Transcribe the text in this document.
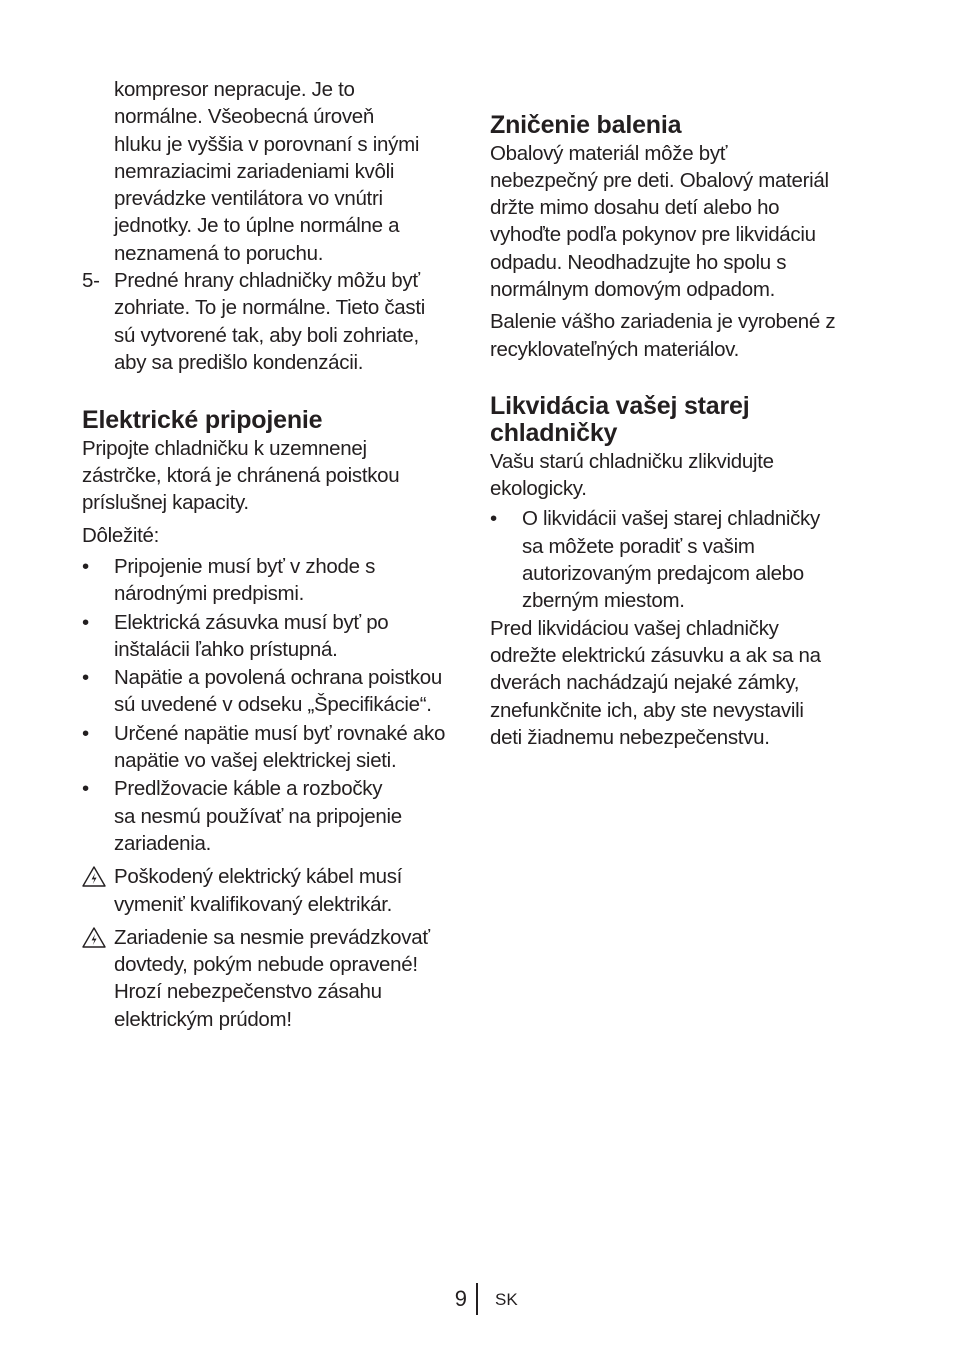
kompresor nepracuje. Je to

normálne. Všeobecná úroveň

hluku je vyššia v porovnaní s inými

nemraziacimi zariadeniami kvôli

prevádzke ventilátora vo vnútri

jednotky. Je to úplne normálne a

neznamená to poruchu.

5- Predné hrany chladničky môžu byť

zohriate. To je normálne. Tieto časti

sú vytvorené tak, aby boli zohriate,

aby sa predišlo kondenzácii.

Elektrické pripojenie

Pripojte chladničku k uzemnenej

zástrčke, ktorá je chránená poistkou

príslušnej kapacity.

Dôležité:

• Pripojenie musí byť v zhode s
národnými predpismi.
• Elektrická zásuvka musí byť po
inštalácii ľahko prístupná.
• Napätie a povolená ochrana poistkou
sú uvedené v odseku „Špecifikácie“.
• Určené napätie musí byť rovnaké ako
napätie vo vašej elektrickej sieti.
• Predlžovacie káble a rozbočky
sa nesmú používať na pripojenie
zariadenia.

Poškodený elektrický kábel musí

vymeniť kvalifikovaný elektrikár.

Zariadenie sa nesmie prevádzkovať

dovtedy, pokým nebude opravené!

Hrozí nebezpečenstvo zásahu

elektrickým prúdom!

Zničenie balenia

Obalový materiál môže byť

nebezpečný pre deti. Obalový materiál

držte mimo dosahu detí alebo ho

vyhoďte podľa pokynov pre likvidáciu

odpadu. Neodhadzujte ho spolu s

normálnym domovým odpadom.

Balenie vášho zariadenia je vyrobené z

recyklovateľných materiálov.

Likvidácia vašej starej
chladničky

Vašu starú chladničku zlikvidujte

ekologicky.

• O likvidácii vašej starej chladničky
sa môžete poradiť s vašim
autorizovaným predajcom alebo
zberným miestom.

Pred likvidáciou vašej chladničky

odrežte elektrickú zásuvku a ak sa na

dverách nachádzajú nejaké zámky,

znefunkčnite ich, aby ste nevystavili

deti žiadnemu nebezpečenstvu.

9 SK
